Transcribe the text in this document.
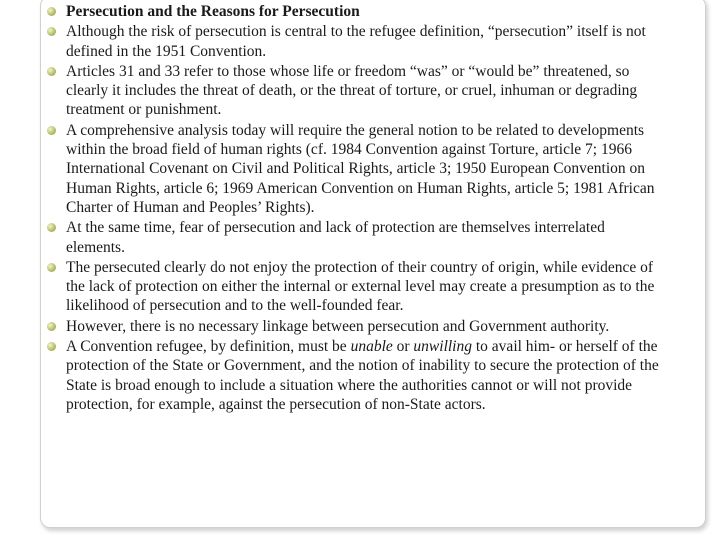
Persecution and the Reasons for Persecution
Although the risk of persecution is central to the refugee definition, “persecution” itself is not defined in the 1951 Convention.
Articles 31 and 33 refer to those whose life or freedom “was” or “would be” threatened, so clearly it includes the threat of death, or the threat of torture, or cruel, inhuman or degrading treatment or punishment.
A comprehensive analysis today will require the general notion to be related to developments within the broad field of human rights (cf. 1984 Convention against Torture, article 7; 1966 International Covenant on Civil and Political Rights, article 3; 1950 European Convention on Human Rights, article 6; 1969 American Convention on Human Rights, article 5; 1981 African Charter of Human and Peoples’ Rights).
At the same time, fear of persecution and lack of protection are themselves interrelated elements.
The persecuted clearly do not enjoy the protection of their country of origin, while evidence of the lack of protection on either the internal or external level may create a presumption as to the likelihood of persecution and to the well-founded fear.
However, there is no necessary linkage between persecution and Government authority.
A Convention refugee, by definition, must be unable or unwilling to avail him- or herself of the protection of the State or Government, and the notion of inability to secure the protection of the State is broad enough to include a situation where the authorities cannot or will not provide protection, for example, against the persecution of non-State actors.
